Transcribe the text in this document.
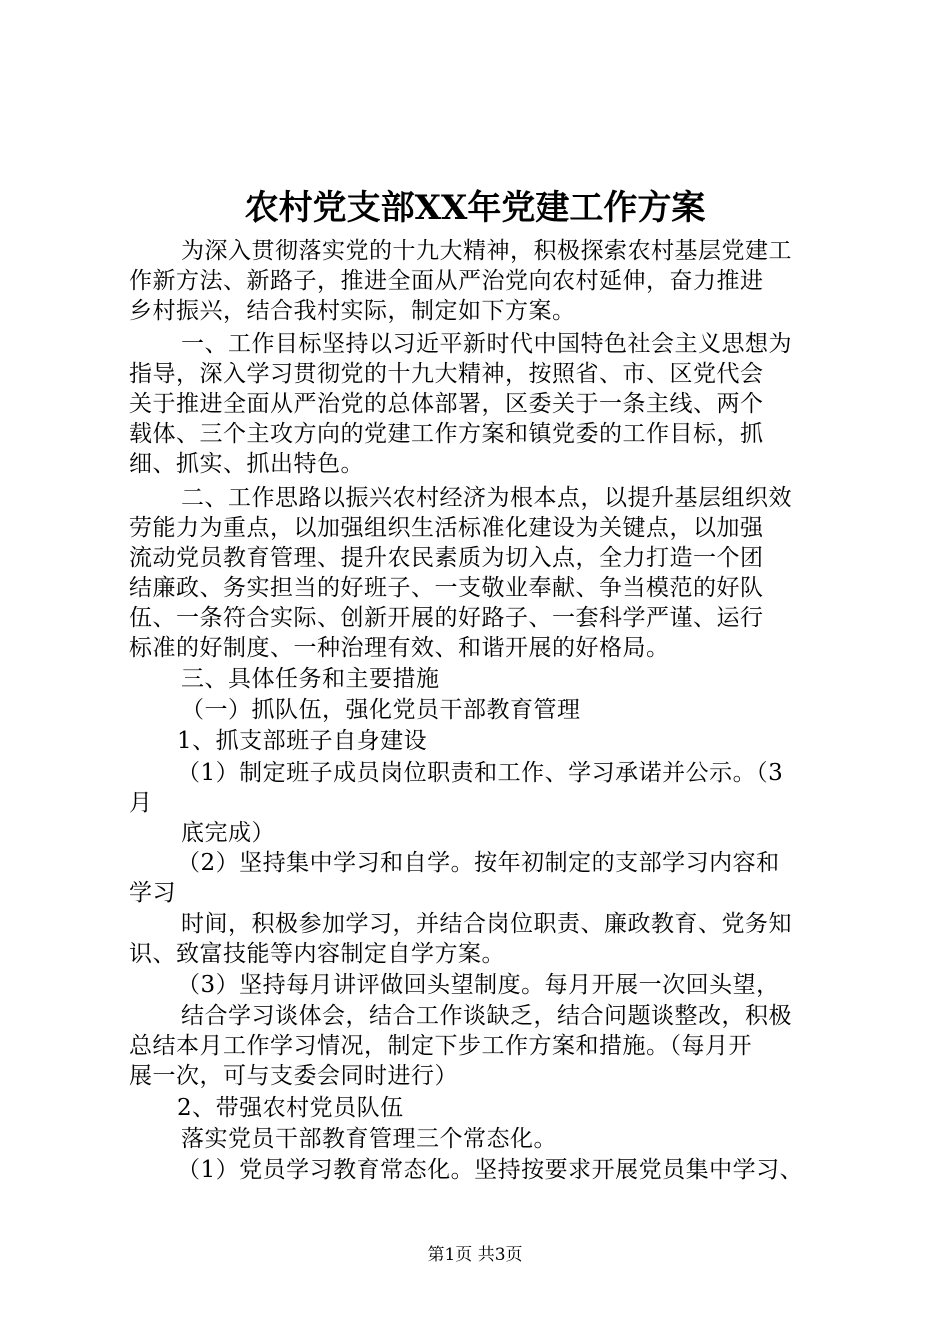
农村党支部XX年党建工作方案
为深入贯彻落实党的十九大精神，积极探索农村基层党建工
作新方法、新路子，推进全面从严治党向农村延伸，奋力推进
乡村振兴，结合我村实际，制定如下方案。
一、工作目标坚持以习近平新时代中国特色社会主义思想为
指导，深入学习贯彻党的十九大精神，按照省、市、区党代会
关于推进全面从严治党的总体部署，区委关于一条主线、两个
载体、三个主攻方向的党建工作方案和镇党委的工作目标，抓
细、抓实、抓出特色。
二、工作思路以振兴农村经济为根本点，以提升基层组织效
劳能力为重点，以加强组织生活标准化建设为关键点，以加强
流动党员教育管理、提升农民素质为切入点，全力打造一个团
结廉政、务实担当的好班子、一支敬业奉献、争当模范的好队
伍、一条符合实际、创新开展的好路子、一套科学严谨、运行
标准的好制度、一种治理有效、和谐开展的好格局。
三、具体任务和主要措施
（一）抓队伍，强化党员干部教育管理
1、抓支部班子自身建设
（1）制定班子成员岗位职责和工作、学习承诺并公示。（3
月
底完成）
（2）坚持集中学习和自学。按年初制定的支部学习内容和
学习
时间，积极参加学习，并结合岗位职责、廉政教育、党务知
识、致富技能等内容制定自学方案。
（3）坚持每月讲评做回头望制度。每月开展一次回头望，
结合学习谈体会，结合工作谈缺乏，结合问题谈整改，积极
总结本月工作学习情况，制定下步工作方案和措施。（每月开
展一次，可与支委会同时进行）
2、带强农村党员队伍
落实党员干部教育管理三个常态化。
（1）党员学习教育常态化。坚持按要求开展党员集中学习、
第1页 共3页
